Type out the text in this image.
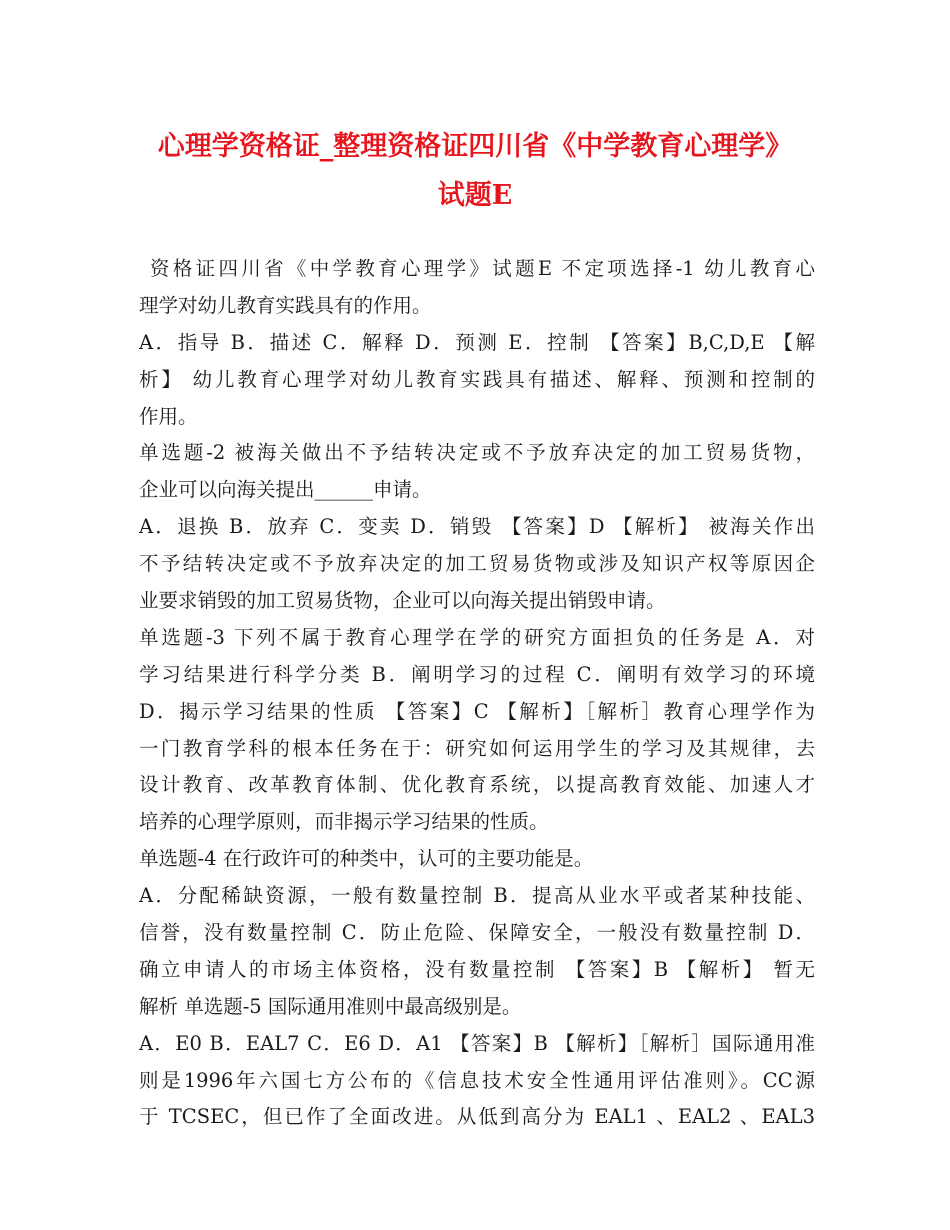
心理学资格证_整理资格证四川省《中学教育心理学》
试题E
资格证四川省《中学教育心理学》试题E 不定项选择-1 幼儿教育心
理学对幼儿教育实践具有的作用。
A．指导 B．描述 C．解释 D．预测 E．控制 【答案】B,C,D,E 【解
析】 幼儿教育心理学对幼儿教育实践具有描述、解释、预测和控制的
作用。
单选题-2 被海关做出不予结转决定或不予放弃决定的加工贸易货物，
企业可以向海关提出______申请。
A．退换 B．放弃 C．变卖 D．销毁 【答案】D 【解析】 被海关作出
不予结转决定或不予放弃决定的加工贸易货物或涉及知识产权等原因企
业要求销毁的加工贸易货物，企业可以向海关提出销毁申请。
单选题-3 下列不属于教育心理学在学的研究方面担负的任务是 A．对
学习结果进行科学分类 B．阐明学习的过程 C．阐明有效学习的环境
D．揭示学习结果的性质 【答案】C 【解析】［解析］教育心理学作为
一门教育学科的根本任务在于：研究如何运用学生的学习及其规律，去
设计教育、改革教育体制、优化教育系统，以提高教育效能、加速人才
培养的心理学原则，而非揭示学习结果的性质。
单选题-4 在行政许可的种类中，认可的主要功能是。
A．分配稀缺资源，一般有数量控制 B．提高从业水平或者某种技能、
信誉，没有数量控制 C．防止危险、保障安全，一般没有数量控制 D．
确立申请人的市场主体资格，没有数量控制 【答案】B 【解析】 暂无
解析 单选题-5 国际通用准则中最高级别是。
A．E0 B．EAL7 C．E6 D．A1 【答案】B 【解析】［解析］国际通用准
则是1996年六国七方公布的《信息技术安全性通用评估准则》。CC源
于 TCSEC，但已作了全面改进。从低到高分为 EAL1 、EAL2 、EAL3
